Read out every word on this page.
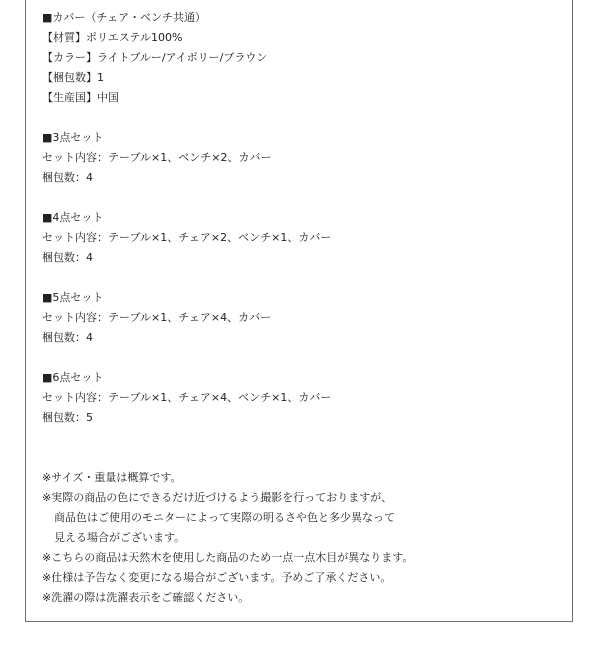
■カバー（チェア・ベンチ共通）
【材質】ポリエステル100%
【カラー】ライトブルー/アイボリー/ブラウン
【梱包数】1
【生産国】中国
■3点セット
セット内容：テーブル×1、ベンチ×2、カバー
梱包数：4
■4点セット
セット内容：テーブル×1、チェア×2、ベンチ×1、カバー
梱包数：4
■5点セット
セット内容：テーブル×1、チェア×4、カバー
梱包数：4
■6点セット
セット内容：テーブル×1、チェア×4、ベンチ×1、カバー
梱包数：5
※サイズ・重量は概算です。
※実際の商品の色にできるだけ近づけるよう撮影を行っておりますが、
商品色はご使用のモニターによって実際の明るさや色と多少異なって
見える場合がございます。
※こちらの商品は天然木を使用した商品のため一点一点木目が異なります。
※仕様は予告なく変更になる場合がございます。予めご了承ください。
※洗濯の際は洗濯表示をご確認ください。
